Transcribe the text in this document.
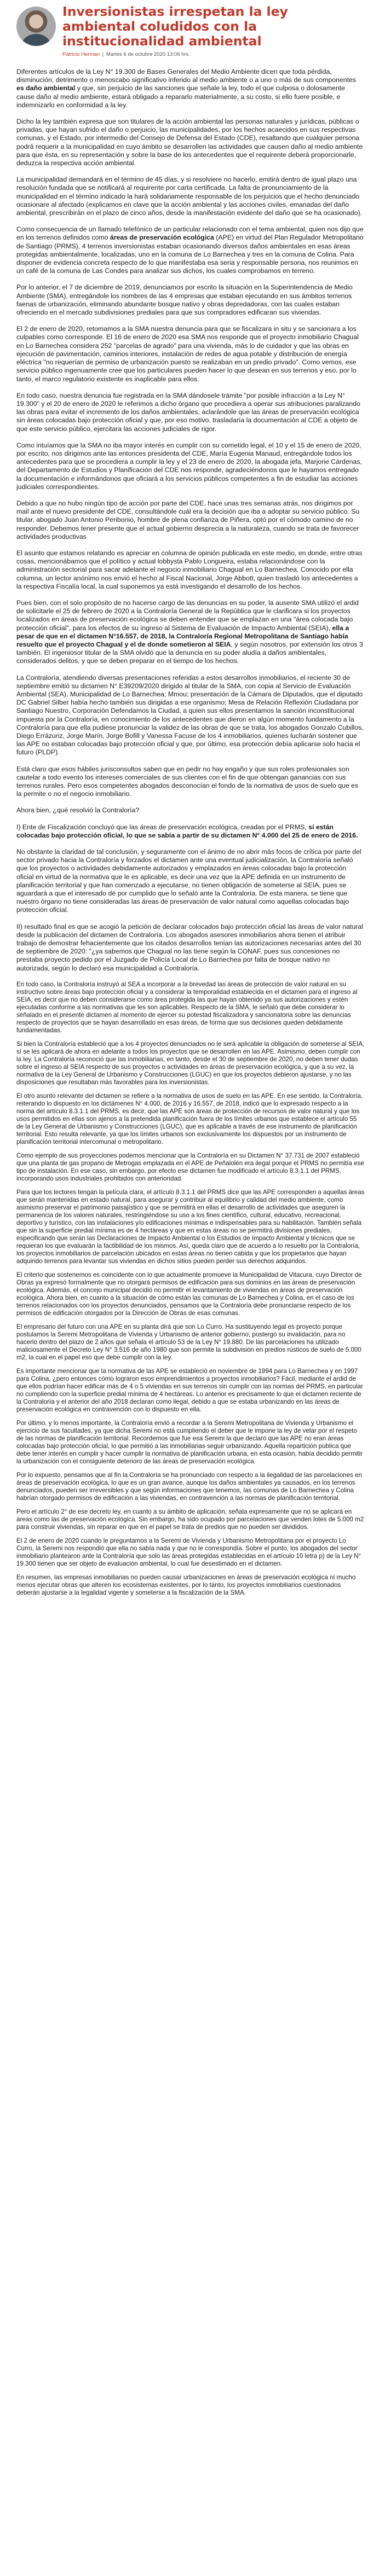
Inversionistas irrespetan la ley ambiental coludidos con la institucionalidad ambiental
Patricio Herman | Martes 6 de octubre 2020 13:06 hrs.

Diferentes artículos de la Ley N° 19.300 de Bases Generales del Medio Ambiente dicen que toda pérdida, disminución, detrimento o menoscabo significativo inferido al medio ambiente o a uno o más de sus componentes es daño ambiental y que, sin perjuicio de las sanciones que señale la ley, todo el que culposa o dolosamente cause daño al medio ambiente, estará obligado a repararlo materialmente, a su costo, si ello fuere posible, e indemnizarlo en conformidad a la ley.

Dicho la ley también expresa que son titulares de la acción ambiental las personas naturales y jurídicas, públicas o privadas, que hayan sufrido el daño o perjuicio, las municipalidades, por los hechos acaecidos en sus respectivas comunas, y el Estado, por intermedio del Consejo de Defensa del Estado (CDE), resaltando que cualquier persona podrá requerir a la municipalidad en cuyo ámbito se desarrollen las actividades que causen daño al medio ambiente para que ésta, en su representación y sobre la base de los antecedentes que el requirente deberá proporcionarle, deduzca la respectiva acción ambiental.

La municipalidad demandará en el término de 45 días, y si resolviere no hacerlo, emitirá dentro de igual plazo una resolución fundada que se notificará al requirente por carta certificada. La falta de pronunciamiento de la municipalidad en el término indicado la hará solidariamente responsable de los perjuicios que el hecho denunciado ocasionare al afectado (explicamos en clave que la acción ambiental y las acciones civiles, emanadas del daño ambiental, prescribirán en el plazo de cinco años, desde la manifestación evidente del daño que se ha ocasionado).

Como consecuencia de un llamado telefónico de un particular relacionado con el tema ambiental, quien nos dijo que en los terrenos definidos como áreas de preservación ecológica (APE) en virtud del Plan Regulador Metropolitano de Santiago (PRMS), 4 terrenos inversionistas estaban ocasionando diversos daños ambientales en esas áreas protegidas ambientalmente, localizadas, uno en la comuna de Lo Barnechea y tres en la comuna de Colina. Para disponer de evidencia concreta respecto de lo que manifestaba esa seria y responsable persona, nos reunimos en un café de la comuna de Las Condes para analizar sus dichos, los cuales comprobamos en terreno.

Por lo anterior, el 7 de diciembre de 2019, denunciamos por escrito la situación en la Superintendencia de Medio Ambiente (SMA), entregándole los nombres de las 4 empresas que estaban ejecutando en sus ámbitos terrenos faenas de urbanización, eliminando abundante bosque nativo y obras depredadoras, con las cuales estaban ofreciendo en el mercado subdivisiones prediales para que sus compradores edificaran sus viviendas.

El 2 de enero de 2020, retomamos a la SMA nuestra denuncia para que se fiscalizara in situ y se sancionara a los culpables como corresponde. El 16 de enero de 2020 esa SMA nos responde que el proyecto inmobiliario Chagual en Lo Barnechea considera 252 "parcelas de agrado" para una vivienda, más lo de cuidador y que las obras en ejecución de pavimentación, caminos interiores, instalación de redes de agua potable y distribución de energía eléctrica "no requerían de permiso de urbanización puesto se realizaban en un predio privado". Como vemos, ese servicio público ingenuamente cree que los particulares pueden hacer lo que desean en sus terrenos y eso, por lo tanto, el marco regulatorio existente es inaplicable para ellos.

En todo caso, nuestra denuncia fue registrada en la SMA dándosele trámite "por posible infracción a la Ley N° 19.300" y el 20 de enero de 2020 le referimos a dicho órgano que procediera a operar sus atribuciones paralizando las obras para evitar el incremento de los daños ambientales, aclarándole que las áreas de preservación ecológica sin áreas colocadas bajo protección oficial y que, por eso motivo, trasladaría la documentación al CDE a objeto de que este servicio público, ejercitara las acciones judiciales de rigor.

Como intuíamos que la SMA no iba mayor interés en cumplir con su cometido legal, el 10 y el 15 de enero de 2020, por escrito, nos dirigimos ante las entonces presidenta del CDE, María Eugenia Manaud, entregándole todos los antecedentes para que se procediera a cumplir la ley y el 23 de enero de 2020, la abogada jefa, Marjorie Cárdenas, del Departamento de Estudios y Planificación del CDE nos responde, agradeciéndonos que le hayamos entregado la documentación e informándonos que oficiará a los servicios públicos competentes a fin de estudiar las acciones judiciales correspondientes.

Debido a que no hubo ningún tipo de acción por parte del CDE, hace unas tres semanas atrás, nos dirigimos por mail ante el nuevo presidente del CDE, consultándole cuál era la decisión que iba a adoptar su servicio público. Su titular, abogado Juan Antonio Peribonio, hombre de plena confianza de Piñera, optó por el cómodo camino de no responder. Debemos tener presente que el actual gobierno desprecia a la naturaleza, cuando se trata de favorecer actividades productivas

El asunto que estamos relatando es apreciar en columna de opinión publicada en este medio, en donde, entre otras cosas, mencionábamos que el político y actual lobbysta Pablo Longueira, estaba relacionándose con la administración sectorial para sacar adelante el negocio inmobiliario Chagual en Lo Barnechea. Conocido por ella columna, un lector anónimo nos envió el hecho al Fiscal Nacional, Jorge Abbott, quien trasladó los antecedentes a la respectiva Fiscalía local, la cual suponemos ya está investigando el desarrollo de los hechos.

Pues bien, con el solo propósito de no hacerse cargo de las denuncias en su poder, la ausente SMA utilizó el ardid de solicitarle el 25 de febrero de 2020 a la Contraloría General de la República que le clarificara si los proyectos localizados en áreas de preservación ecológica se deben entender que se emplazan en una "área colocada bajo protección oficial", para los efectos de su ingreso al Sistema de Evaluación de Impacto Ambiental (SEIA), ella a pesar de que en el dictamen N°16.557, de 2018, la Contraloría Regional Metropolitana de Santiago había resuelto que el proyecto Chagual y el de donde sometieron al SEIA, y según nosotros, por extensión los otros 3 también. El ingeniosor titular de la SMA olvidó que la denuncia en su poder aludía a daños ambientales, considerados delitos, y que se deben preparar en el tiempo de los hechos.

La Contraloría, atendiendo diversas presentaciones referidas a estos desarrollos inmobiliarios, el reciente 30 de septiembre emitió su dictamen N° E39209/2020 dirigido al titular de la SMA, con copia al Servicio de Evaluación Ambiental (SEA), Municipalidad de Lo Barnechea; Mmou; presentación de la Cámara de Diputados, que el diputado DC Gabriel Silber había hecho también sus dirigidas a ese organismo; Mesa de Relación Reflexión Ciudadana por Santiago Nuestro, Corporación Defendamos la Ciudad, a quien sus ellos presentamos la sanción inconstitucional impuesta por la Contraloría, en conocimiento de los antecedentes que dieron en algún momento fundamento a la Contraloría para que ella pudiese pronunciar la validez de las obras de que se trata, los abogados Gonzalo Cubillos, Diego Errázuriz, Jorge Marín, Jorge Bofill y Vanessa Facuse de los 4 inmobiliarios, quienes lucharán sostener que las APE no estaban colocadas bajo protección oficial y que, por último, esa protección debía aplicarse solo hacia el futuro (PLDP).

Está claro que esos hábiles jurisconsultos saben que en pedir no hay engaño y que sus roles profesionales son cautelar a todo evento los intereses comerciales de sus clientes con el fin de que obtengan ganancias con sus terrenos rurales. Pero esos competentes abogados desconocían el fondo de la normativa de usos de suelo que es la permite o no el negocio inmobiliario.

Ahora bien, ¿qué resolvió la Contraloría?

I) Ente de Fiscalización concluyó que las áreas de preservación ecológica, creadas por el PRMS, sí están colocadas bajo protección oficial, lo que se sabía a partir de su dictamen N° 4.000 del 25 de enero de 2016.

No obstante la claridad de tal conclusión, y seguramente con el ánimo de no abrir más focos de crítica por parte del sector privado hacia la Contraloría y forzados el dictamen ante una eventual judicialización, la Contraloría señaló que los proyectos o actividades debidamente autorizados y emplazados en áreas colocadas bajo la protección oficial en virtud de la normativa que le es aplicable, es decir una vez que la APE definida en un instrumento de planificación territorial y que han comenzado a ejecutarse, no tienen obligación de someterse al SEIA, pues se aguardará a que el interesado dé por cumplido que lo señaló ante la Contraloría. De esta manera, se tiene que nuestro órgano no tiene consideradas las áreas de preservación de valor natural como aquellas colocadas bajo protección oficial.

II) resultado final es que se acogió la petición de declarar colocados bajo protección oficial las áreas de valor natural desde la publicación del dictamen de Contraloría. Los abogados asesores inmobiliarios ahora tienen el atribuir trabajo de demostrar fehacientemente que los citados desarrollos tenían las autorizaciones necesarias antes del 30 de septiembre de 2020: "¿ya sabemos que Chagual no las tiene según la CONAF, pues sus concesiones no prestaba proyecto pedido por el Juzgado de Policía Local de Lo Barnechea por falta de bosque nativo no autorizada, según lo declaró esa municipalidad a Contraloría.

En todo caso, la Contraloría instruyó al SEA a incorporar a la brevedad las áreas de protección de valor natural en su instructivo sobre áreas bajo protección oficial y a considerar la temporalidad establecida en el dictamen para el ingreso al SEIA, es decir que no deben considerarse como área protegida las que hayan obtenido ya sus autorizaciones y estén ejecutadas conforme a las normativas que les son aplicables. Respecto de la SMA, le señaló que debe considerar lo señalado en el presente dictamen al momento de ejercer su potestad fiscalizadora y sancionatoria sobre las denuncias respecto de proyectos que se hayan desarrollado en esas áreas, de forma que sus decisiones queden debidamente fundamentadas.

Si bien la Contraloría estableció que a los 4 proyectos denunciados no le será aplicable la obligación de someterse al SEIA, sí se les aplicará de ahora en adelante a todos los proyectos que se desarrollen en las APE. Asimismo, deben cumplir con la ley. La Contraloría reconoció que las inmobiliarias, en tanto, desde el 30 de septiembre de 2020, no deben tener dudas sobre el ingreso al SEIA respecto de sus proyectos o actividades en áreas de preservación ecológica, y que a su vez, la normativa de la Ley General de Urbanismo y Construcciones (LGUC) en que los proyectos debieron ajustarse, y no las disposiciones que resultaban más favorables para los inversionistas.

El otro asunto relevante del dictamen se refiere a la normativa de usos de suelo en las APE. En ese sentido, la Contraloría, reiterando lo dispuesto en los dictámenes N° 4.000, de 2016 y 16.557, de 2018, indicó que lo expresado respecto a la norma del artículo 8.3.1.1 del PRMS, es decir, que las APE son áreas de protección de recursos de valor natural y que los usos permitidos en ellas son ajenos a la pretendida planificación fuera de los límites urbanos que establece el artículo 55 de la Ley General de Urbanismo y Construcciones (LGUC), que es aplicable a través de ese instrumento de planificación territorial. Esto resulta relevante, ya que los límites urbanos son exclusivamente los dispuestos por un instrumento de planificación territorial intercomunal o metropolitano.

Como ejemplo de sus proyecciones podemos mencionar que la Contraloría en su Dictamen N° 37.731 de 2007 estableció que una planta de gas propano de Metrogas emplazada en el APE de Peñalolén era ilegal porque el PRMS no permitía ese tipo de instalación. En ese caso, sin embargo, por efecto ese dictamen fue modificado el artículo 8.3.1.1 del PRMS, incorporando usos industriales prohibidos con anterioridad.

Para que los lectores tengan la película clara, el artículo 8.3.1.1 del PRMS dice que las APE corresponden a aquellas áreas que serán mantenidas en estado natural, para asegurar y contribuir al equilibrio y calidad del medio ambiente, como asimismo preservar el patrimonio paisajístico y que se permitirá en ellas el desarrollo de actividades que aseguren la permanencia de los valores naturales, restringiéndose su uso a los fines científico, cultural, educativo, recreacional, deportivo y turístico, con las instalaciones y/o edificaciones mínimas e indispensables para su habilitación. También señala que sin la superficie predial mínima es de 4 hectáreas y que en estas áreas no se permitirá divisiones prediales, especificando que serán las Declaraciones de Impacto Ambiental o los Estudios de Impacto Ambiental y técnicos que se requieran los que evaluarán la factibilidad de los mismos. Así, queda claro que de acuerdo a lo resuelto por la Contraloría, los proyectos inmobiliarios de parcelación ubicados en estas áreas no tienen cabida y que los propietarios que hayan adquirido terrenos para levantar sus viviendas en dichos sitios pueden perder sus derechos adquiridos.

El criterio que sostenemos es coincidente con lo que actualmente promueve la Municipalidad de Vitacura, cuyo Director de Obras ya expresó formalmente que no otorgará permisos de edificación para sus dominios en las áreas de preservación ecológica. Además, el concejo municipal decidió no permitir el levantamiento de viviendas en áreas de preservación ecológica. Ahora bien, en cuanto a la situación de cómo están las comunas de Lo Barnechea y Colina, en el caso de los terrenos relacionados con los proyectos denunciados, pensamos que la Contraloría debe pronunciarse respecto de los permisos de edificación otorgados por la Dirección de Obras de esas comunas.

El empresario del futuro con una APE en su planta dirá que son Lo Curro. Ha sustituyendo legal es proyecto porque postulamos la Seremi Metropolitana de Vivienda y Urbanismo de anterior gobierno, postergó su invalidación, para no hacerlo dentro del plazo de 2 años que señala el artículo 53 de la Ley N° 19.880. De las parcelaciones ha utilizado maliciosamente el Decreto Ley N° 3.516 de año 1980 que son permite la subdivisión en predios rústicos de suelo de 5.000 m2, la cual en el papel eso que debe cumplir con la ley.

Es importante mencionar que la normativa de las APE se estableció en noviembre de 1994 para Lo Barnechea y en 1997 para Colina, ¿pero entonces cómo lograron esos emprendimientos a proyectos inmobiliarios? Fácil, mediante el ardid de que ellos podrían hacer edificar más de 4 o 5 viviendas en sus terrenos sin cumplir con las normas del PRMS, en particular no cumpliendo con la superficie predial mínima de 4 hectáreas. Lo anterior es precisamente lo que el dictamen reciente de la Contraloría y el anterior del año 2018 declaran como ilegal, debido a que se estaba urbanizando en las áreas de preservación ecológica en contravención con lo dispuesto en ella.

Por último, y lo menos importante, la Contraloría envió a recordar a la Seremi Metropolitana de Vivienda y Urbanismo el ejercicio de sus facultades, ya que dicha Seremi no está cumpliendo el deber que le impone la ley de velar por el respeto de las normas de planificación territorial. Recordemos que fue esa Seremi la que declaró que las APE no eran áreas colocadas bajo protección oficial, lo que permitió a las inmobiliarias seguir urbanizando. Aquella repartición publica que debe tener interés en cumplir y hacer cumplir la normativa de planificación urbana, en esta ocasión, había decidido permitir la urbanización con el consiguiente deterioro de las áreas de preservación ecológica.

Por lo expuesto, pensamos que al fin la Contraloría se ha pronunciado con respecto a la ilegalidad de las parcelaciones en áreas de preservación ecológica, lo que es un gran avance, aunque los daños ambientales ya causados, en los terrenos denunciados, pueden ser irreversibles y que según informaciones que tenemos, las comunas de Lo Barnechea y Colina habrían otorgado permisos de edificación a las viviendas, en contravención a las normas de planificación territorial.

Pero el artículo 2° de ese decreto ley, en cuanto a su ámbito de aplicación, señala expresamente que no se aplicará en áreas como las de preservación ecológica. Sin embargo, ha sido ocupado por parcelaciones que venden lotes de 5.000 m2 para construir viviendas, sin reparar en que en el papel se trata de predios que no pueden ser divididos.

El 2 de enero de 2020 cuando le preguntamos a la Seremi de Vivienda y Urbanismo Metropolitana por el proyecto Lo Curro, la Seremi nos respondió que ella no sabía nada y que no le correspondía. Sobre el punto, los abogados del sector inmobiliario plantearon ante la Contraloría que solo las áreas protegidas establecidas en el artículo 10 letra p) de la Ley N° 19.300 tienen que ser objeto de evaluación ambiental, lo cual fue desestimado en el dictamen.

En resumen, las empresas inmobiliarias no pueden causar urbanizaciones en áreas de preservación ecológica ni mucho menos ejecutar obras que alteren los ecosistemas existentes, por lo tanto, los proyectos inmobiliarios cuestionados deberán ajustarse a la legalidad vigente y someterse a la fiscalización de la SMA.
